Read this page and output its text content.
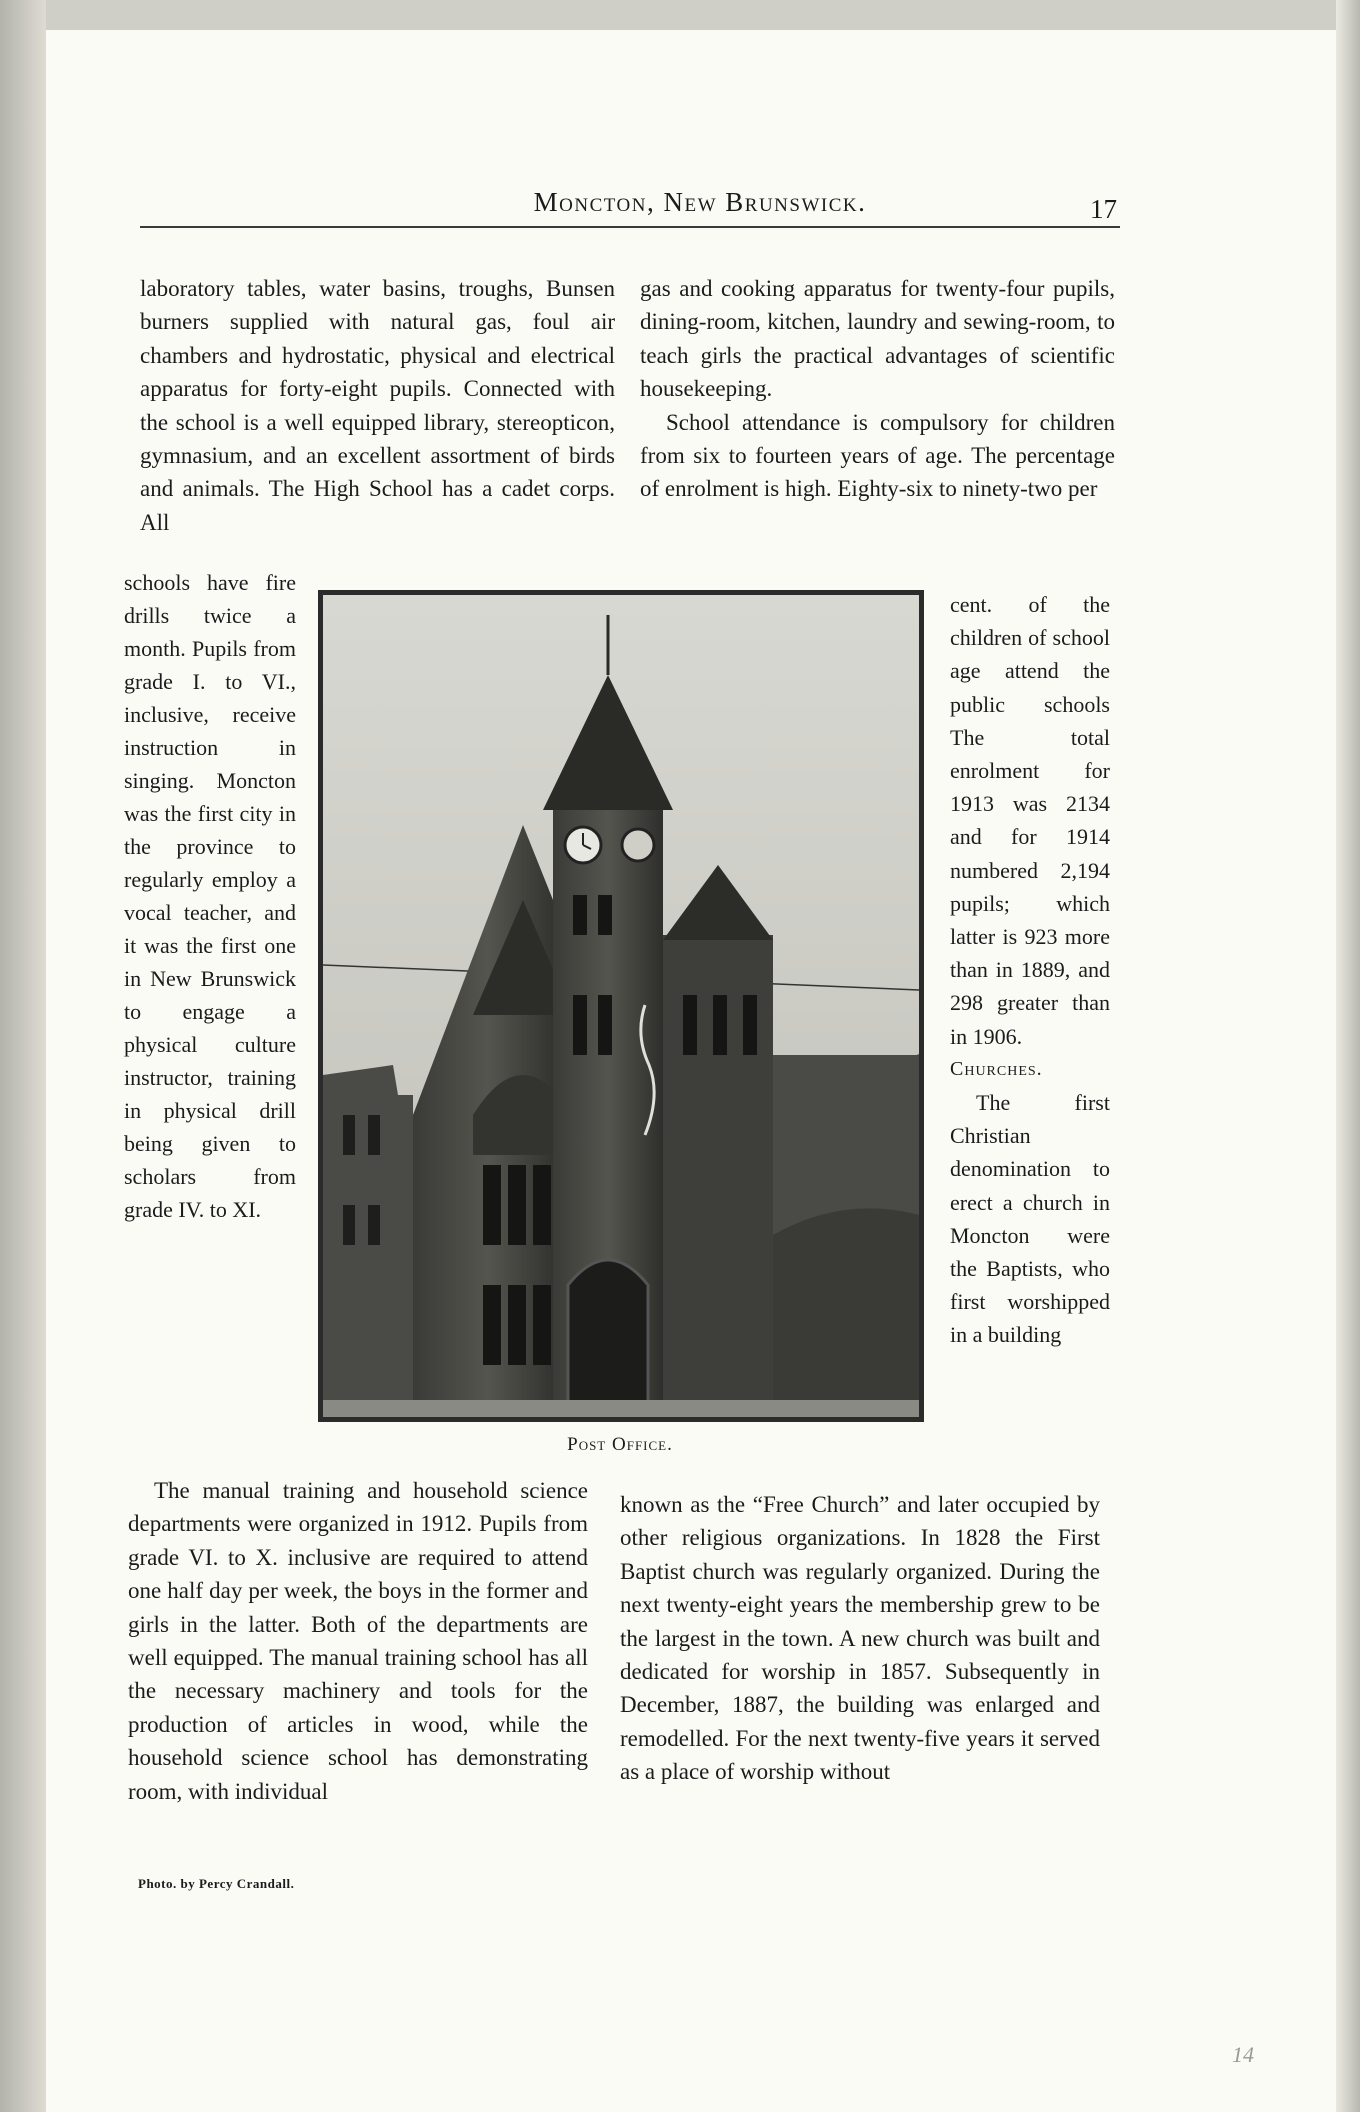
Moncton, New Brunswick.	17

laboratory tables, water basins, troughs, Bunsen burners supplied with natural gas, foul air chambers and hydrostatic, physical and electrical apparatus for forty-eight pupils. Connected with the school is a well equipped library, stereopticon, gymnasium, and an excellent assortment of birds and animals. The High School has a cadet corps. All

gas and cooking apparatus for twenty-four pupils, dining-room, kitchen, laundry and sewing-room, to teach girls the practical advantages of scientific housekeeping.

School attendance is compulsory for children from six to fourteen years of age. The percentage of enrolment is high. Eighty-six to ninety-two per

schools have fire drills twice a month. Pupils from grade I. to VI., inclusive, receive instruction in singing. Moncton was the first city in the province to regularly employ a vocal teacher, and it was the first one in New Brunswick to engage a physical culture instructor, training in physical drill being given to scholars from grade IV. to XI.

cent. of the children of school age attend the public schools The total enrolment for 1913 was 2134 and for 1914 numbered 2,194 pupils; which latter is 923 more than in 1889, and 298 greater than in 1906.

Churches.

The first Christian denomination to erect a church in Moncton were the Baptists, who first worshipped in a building

Post Office.

The manual training and household science departments were organized in 1912. Pupils from grade VI. to X. inclusive are required to attend one half day per week, the boys in the former and girls in the latter. Both of the departments are well equipped. The manual training school has all the necessary machinery and tools for the production of articles in wood, while the household science school has demonstrating room, with individual

known as the “Free Church” and later occupied by other religious organizations. In 1828 the First Baptist church was regularly organized. During the next twenty-eight years the membership grew to be the largest in the town. A new church was built and dedicated for worship in 1857. Subsequently in December, 1887, the building was enlarged and remodelled. For the next twenty-five years it served as a place of worship without

Photo. by Percy Crandall.
14
